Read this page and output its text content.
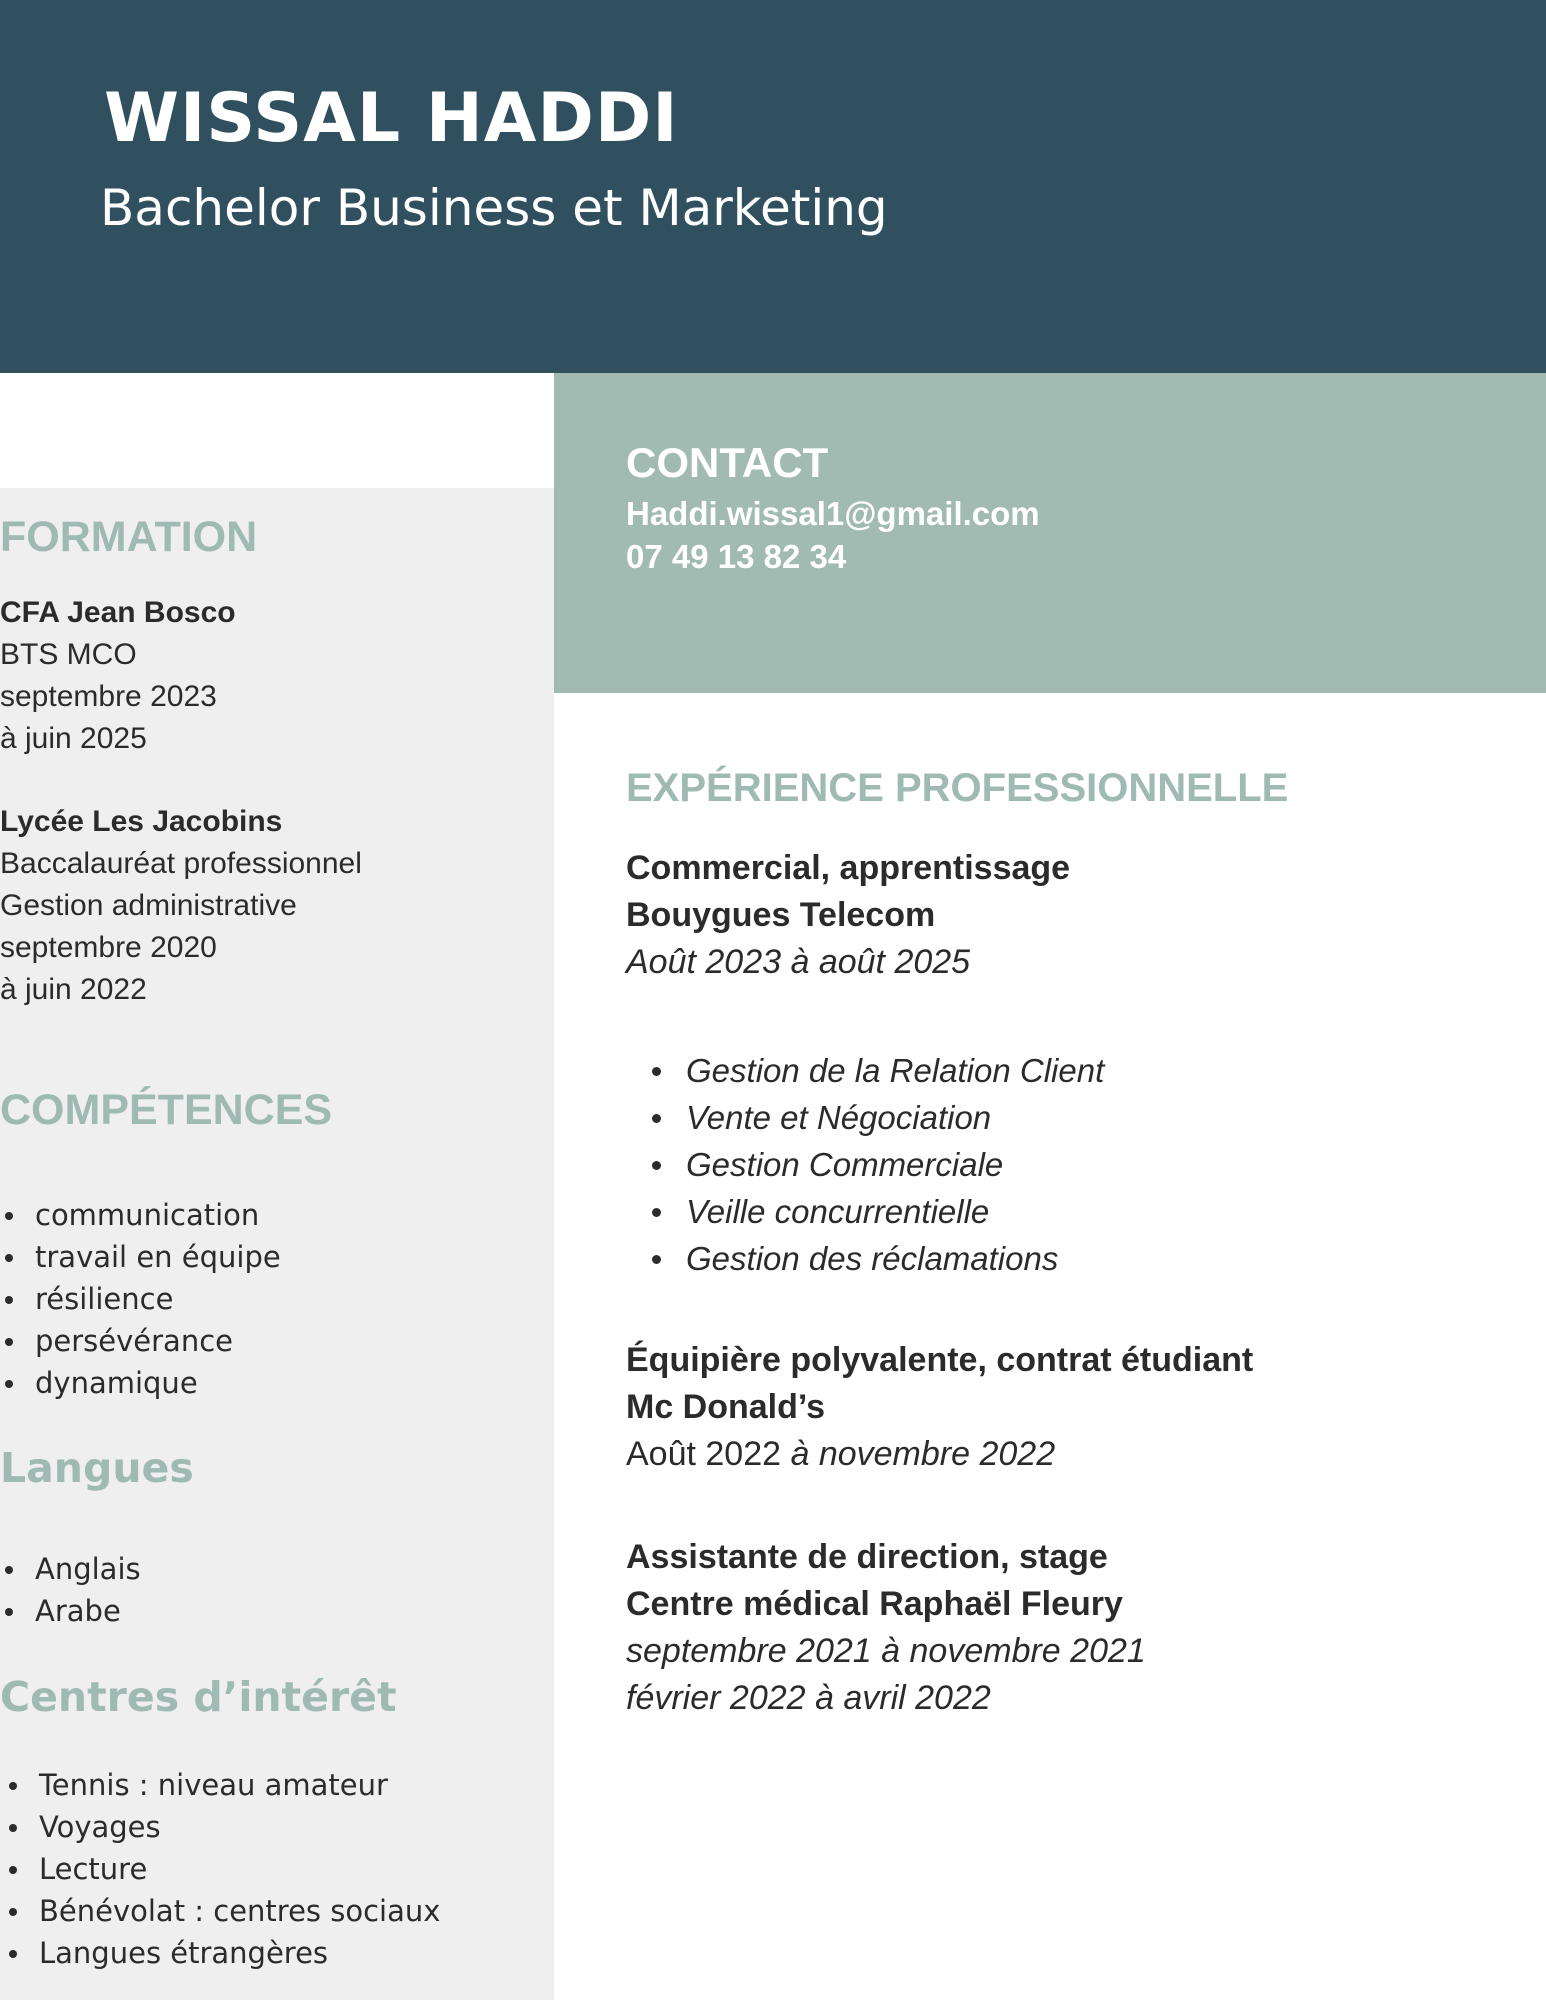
WISSAL HADDI
Bachelor Business et Marketing
CONTACT

Haddi.wissal1@gmail.com

07 49 13 82 34

FORMATION
CFA Jean Bosco
BTS MCO
septembre 2023
à juin 2025
Lycée Les Jacobins
Baccalauréat professionnel
Gestion administrative
septembre 2020
à juin 2022
COMPÉTENCES
communication
travail en équipe
résilience
persévérance
dynamique
Langues
Anglais
Arabe
Centres d’intérêt
Tennis : niveau amateur
Voyages
Lecture
Bénévolat : centres sociaux
Langues étrangères
EXPÉRIENCE PROFESSIONNELLE
Commercial, apprentissage
Bouygues Telecom
Août 2023 à août 2025
Gestion de la Relation Client
Vente et Négociation
Gestion Commerciale
Veille concurrentielle
Gestion des réclamations
Équipière polyvalente, contrat étudiant
Mc Donald’s
Août 2022 à novembre 2022
Assistante de direction, stage
Centre médical Raphaël Fleury
septembre 2021 à novembre 2021
février 2022 à avril 2022
